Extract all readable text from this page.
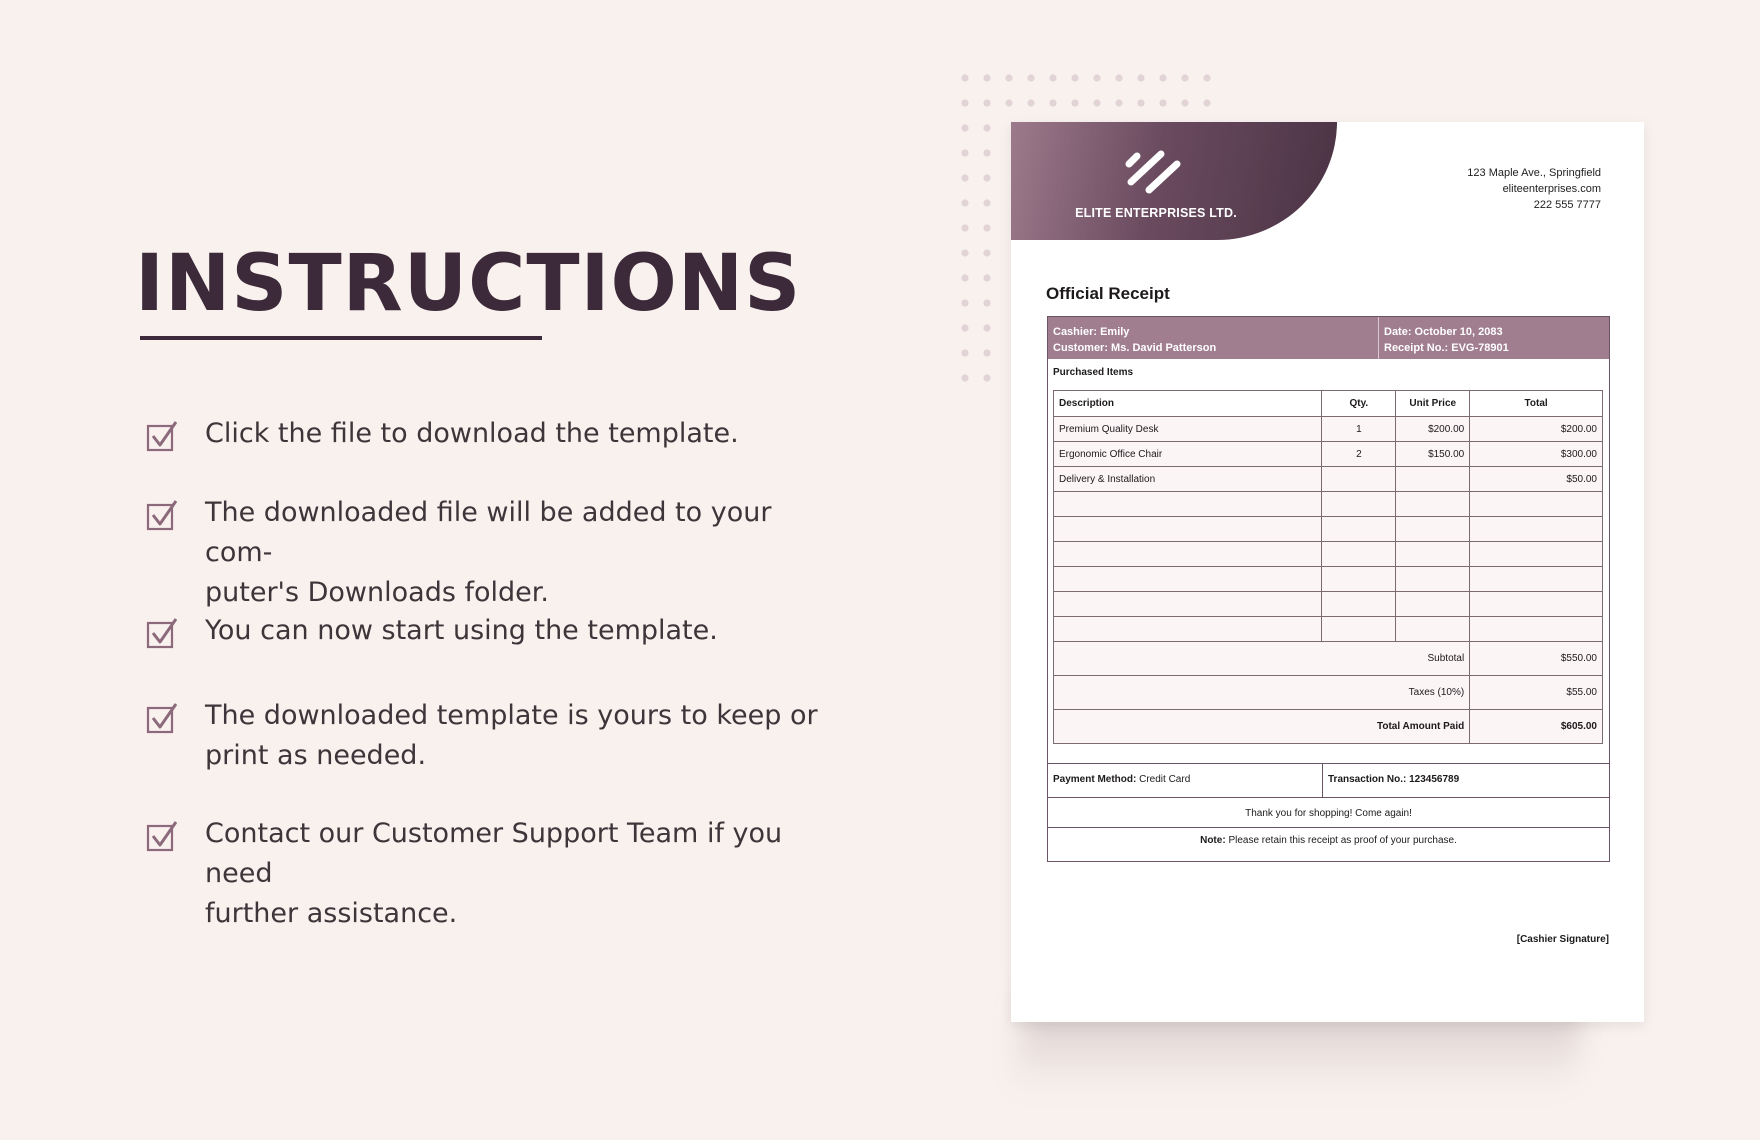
INSTRUCTIONS
Click the file to download the template.
The downloaded file will be added to your com-
puter's Downloads folder.
You can now start using the template.
The downloaded template is yours to keep or
print as needed.
Contact our Customer Support Team if you need
further assistance.
ELITE ENTERPRISES LTD.
123 Maple Ave., Springfield
eliteenterprises.com
222 555 7777
Official Receipt
Cashier: Emily
Customer: Ms. David Patterson
Date: October 10, 2083
Receipt No.: EVG-78901
Purchased Items
Description	Qty.	Unit Price	Total
Premium Quality Desk	1	$200.00	$200.00
Ergonomic Office Chair	2	$150.00	$300.00
Delivery & Installation			$50.00

Subtotal			$550.00
Taxes (10%)			$55.00
Total Amount Paid			$605.00
Payment Method: Credit Card	Transaction No.: 123456789
Thank you for shopping! Come again!
Note: Please retain this receipt as proof of your purchase.
[Cashier Signature]
